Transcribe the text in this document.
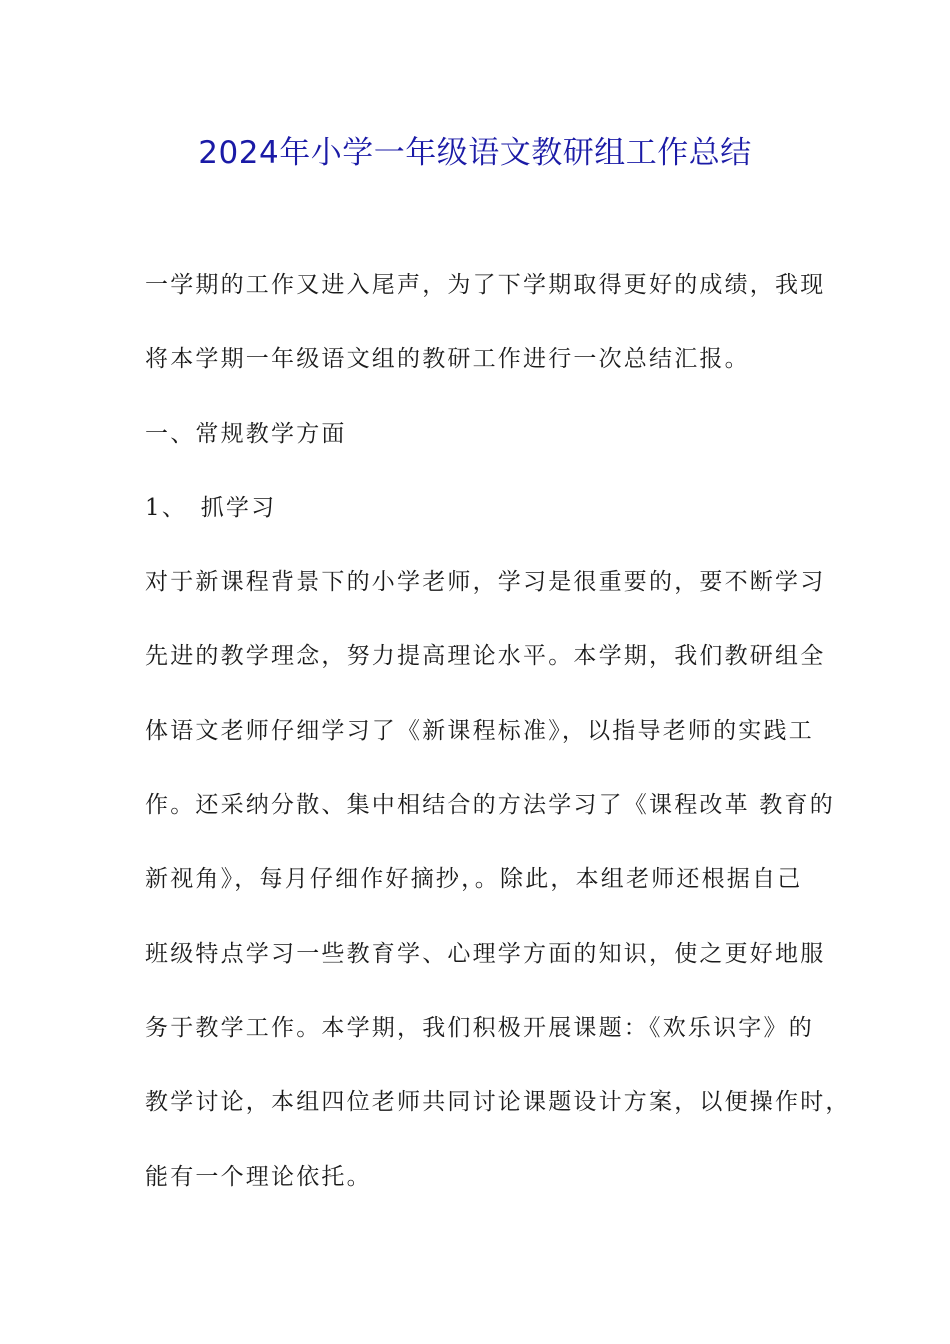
2024年小学一年级语文教研组工作总结
一学期的工作又进入尾声，为了下学期取得更好的成绩，我现
将本学期一年级语文组的教研工作进行一次总结汇报。
一、常规教学方面
1、　抓学习
对于新课程背景下的小学老师，学习是很重要的，要不断学习
先进的教学理念，努力提高理论水平。本学期，我们教研组全
体语文老师仔细学习了《新课程标准》，以指导老师的实践工
作。还采纳分散、集中相结合的方法学习了《课程改革 教育的
新视角》，每月仔细作好摘抄，。除此，本组老师还根据自己
班级特点学习一些教育学、心理学方面的知识，使之更好地服
务于教学工作。本学期，我们积极开展课题：《欢乐识字》的
教学讨论，本组四位老师共同讨论课题设计方案，以便操作时，
能有一个理论依托。
